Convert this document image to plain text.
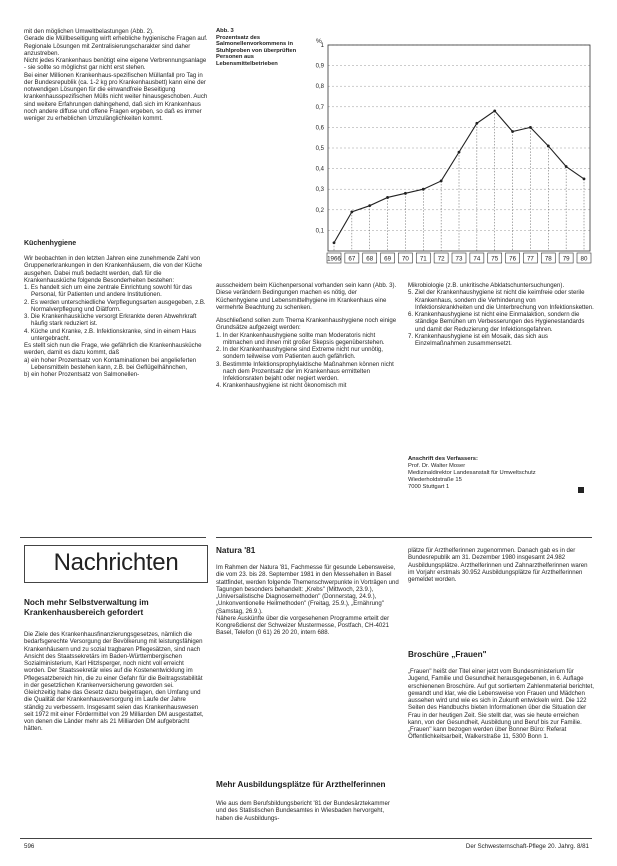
mit den möglichen Umweltbelastungen (Abb. 2).

Gerade die Müllbeseitigung wirft erhebliche hygienische Fragen auf. Regionale Lösungen mit Zentralisierungscharakter sind daher anzustreben.

Nicht jedes Krankenhaus benötigt eine eigene Verbrennungsanlage - sie sollte so möglichst gar nicht erst stehen.

Bei einer Millionen Krankenhaus-spezifischen Müllanfall pro Tag in der Bundesrepublik (ca. 1-2 kg pro Krankenhausbett) kann eine der notwendigen Lösungen für die einwandfreie Beseitigung krankenhausspezifischen Mülls nicht weiter hinausgeschoben. Auch sind weitere Erfahrungen dahingehend, daß sich im Krankenhaus noch andere diffuse und offene Fragen ergeben, so daß es immer weniger zu erheblichen Umzulänglichkeiten kommt.

Küchenhygiene

Wir beobachten in den letzten Jahren eine zunehmende Zahl von Gruppenerkrankungen in den Krankenhäusern, die von der Küche ausgehen. Dabei muß bedacht werden, daß für die Krankenhausküche folgende Besonderheiten bestehen:

1. Es handelt sich um eine zentrale Einrichtung sowohl für das Personal, für Patienten und andere Institutionen.

2. Es werden unterschiedliche Verpflegungsarten ausgegeben, z.B. Normalverpflegung und Diätform.

3. Die Krankenhausküche versorgt Erkrankte deren Abwehrkraft häufig stark reduziert ist.

4. Küche und Kranke, z.B. Infektionskranke, sind in einem Haus untergebracht.

Es stellt sich nun die Frage, wie gefährlich die Krankenhausküche werden, damit es dazu kommt, daß

a) ein hoher Prozentsatz von Kontaminationen bei angelieferten Lebensmitteln bestehen kann, z.B. bei Geflügelhähnchen,

b) ein hoher Prozentsatz von Salmonellen-

Abb. 3
Prozentsatz des Salmonellenvorkommens in Stuhlproben von überprüften Personen aus Lebensmittelbetrieben
0,1
0,2
0,3
0,4
0,5
0,6
0,7
0,8
0,9
1
%
1966 67 68 69 70 71 72 73 74 75 76 77 78 79 80

ausscheidern beim Küchenpersonal vorhanden sein kann (Abb. 3).

Diese verändern Bedingungen machen es nötig, der Küchenhygiene und Lebensmittelhygiene im Krankenhaus eine vermehrte Beachtung zu schenken.

Abschließend sollen zum Thema Krankenhaushygiene noch einige Grundsätze aufgezeigt werden:

1. In der Krankenhaushygiene sollte man Moderatoris nicht mitmachen und ihnen mit großer Skepsis gegenüberstehen.

2. In der Krankenhaushygiene sind Extreme nicht nur unnötig, sondern teilweise vom Patienten auch gefährlich.

3. Bestimmte Infektionsprophylaktische Maßnahmen können nicht nach dem Prozentsatz der im Krankenhaus ermittelten Infektionsraten bejaht oder negiert werden.

4. Krankenhaushygiene ist nicht ökonomisch mit

Mikrobiologie (z.B. unkritische Abklatschuntersuchungen).

5. Ziel der Krankenhaushygiene ist nicht die keimfreie oder sterile Krankenhaus, sondern die Verhinderung von Infektionskrankheiten und die Unterbrechung von Infektionsketten.

6. Krankenhaushygiene ist nicht eine Einmalaktion, sondern die ständige Bemühen um Verbesserungen des Hygienestandards und damit der Reduzierung der Infektionsgefahren.

7. Krankenhaushygiene ist ein Mosaik, das sich aus Einzelmaßnahmen zusammensetzt.

Anschrift des Verfassers:

Prof. Dr. Walter Moser

Medizinaldirektor Landesanstalt für Umweltschutz

Wiederholdstraße 15

7000 Stuttgart 1

Nachrichten
Noch mehr Selbstverwaltung im Krankenhausbereich gefordert
Die Ziele des Krankenhausfinanzierungsgesetzes, nämlich die bedarfsgerechte Versorgung der Bevölkerung mit leistungsfähigen Krankenhäusern und zu sozial tragbaren Pflegesätzen, sind nach Ansicht des Staatssekretärs im Baden-Württembergischen Sozialministerium, Karl Hitzlsperger, noch nicht voll erreicht worden. Der Staatssekretär wies auf die Kostenentwicklung im Pflegesatzbereich hin, die zu einer Gefahr für die Beitragsstabilität in der gesetzlichen Krankenversicherung geworden sei. Gleichzeitig habe das Gesetz dazu beigetragen, den Umfang und die Qualität der Krankenhausversorgung im Laufe der Jahre ständig zu verbessern. Insgesamt seien das Krankenhauswesen seit 1972 mit einer Fördermittel von 29 Milliarden DM ausgestattet, von denen die Länder mehr als 21 Milliarden DM aufgebracht hätten.
Natura '81

Im Rahmen der Natura '81, Fachmesse für gesunde Lebensweise, die vom 23. bis 28. September 1981 in den Messehallen in Basel stattfindet, werden folgende Themenschwerpunkte in Vorträgen und Tagungen besonders behandelt: „Krebs" (Mittwoch, 23.9.), „Universalistische Diagnosemethoden" (Donnerstag, 24.9.), „Unkonventionelle Heilmethoden" (Freitag, 25.9.), „Ernährung" (Samstag, 26.9.).

Nähere Auskünfte über die vorgesehenen Programme erteilt der Kongreßdienst der Schweizer Mustermesse, Postfach, CH-4021 Basel, Telefon (0 61) 26 20 20, intern 688.

Mehr Ausbildungsplätze für Arzthelferinnen
Wie aus dem Berufsbildungsbericht '81 der Bundesärztekammer und des Statistischen Bundesamtes in Wiesbaden hervorgeht, haben die Ausbildungs-
plätze für Arzthelferinnen zugenommen. Danach gab es in der Bundesrepublik am 31. Dezember 1980 insgesamt 24.982 Ausbildungsplätze. Arzthelferinnen und Zahnarzthelferinnen waren im Vorjahr erstmals 30.952 Ausbildungsplätze für Arzthelferinnen gemeldet worden.
Broschüre „Frauen"
„Frauen" heißt der Titel einer jetzt vom Bundesministerium für Jugend, Familie und Gesundheit herausgegebenen, in 6. Auflage erschienenen Broschüre. Auf gut sortiertem Zahlenmaterial berichtet, gewandt und klar, wie die Lebensweise von Frauen und Mädchen aussehen wird und wie es sich in Zukunft entwickeln wird. Die 122 Seiten des Handbuchs bieten Informationen über die Situation der Frau in der heutigen Zeit. Sie stellt dar, was sie heute erreichen kann, von der Gesundheit, Ausbildung und Beruf bis zur Familie. „Frauen" kann bezogen werden über Bonner Büro: Referat Öffentlichkeitsarbeit, Walkerstraße 11, 5300 Bonn 1.
596	Der Schwesternschaft-Pflege 20. Jahrg. 8/81
